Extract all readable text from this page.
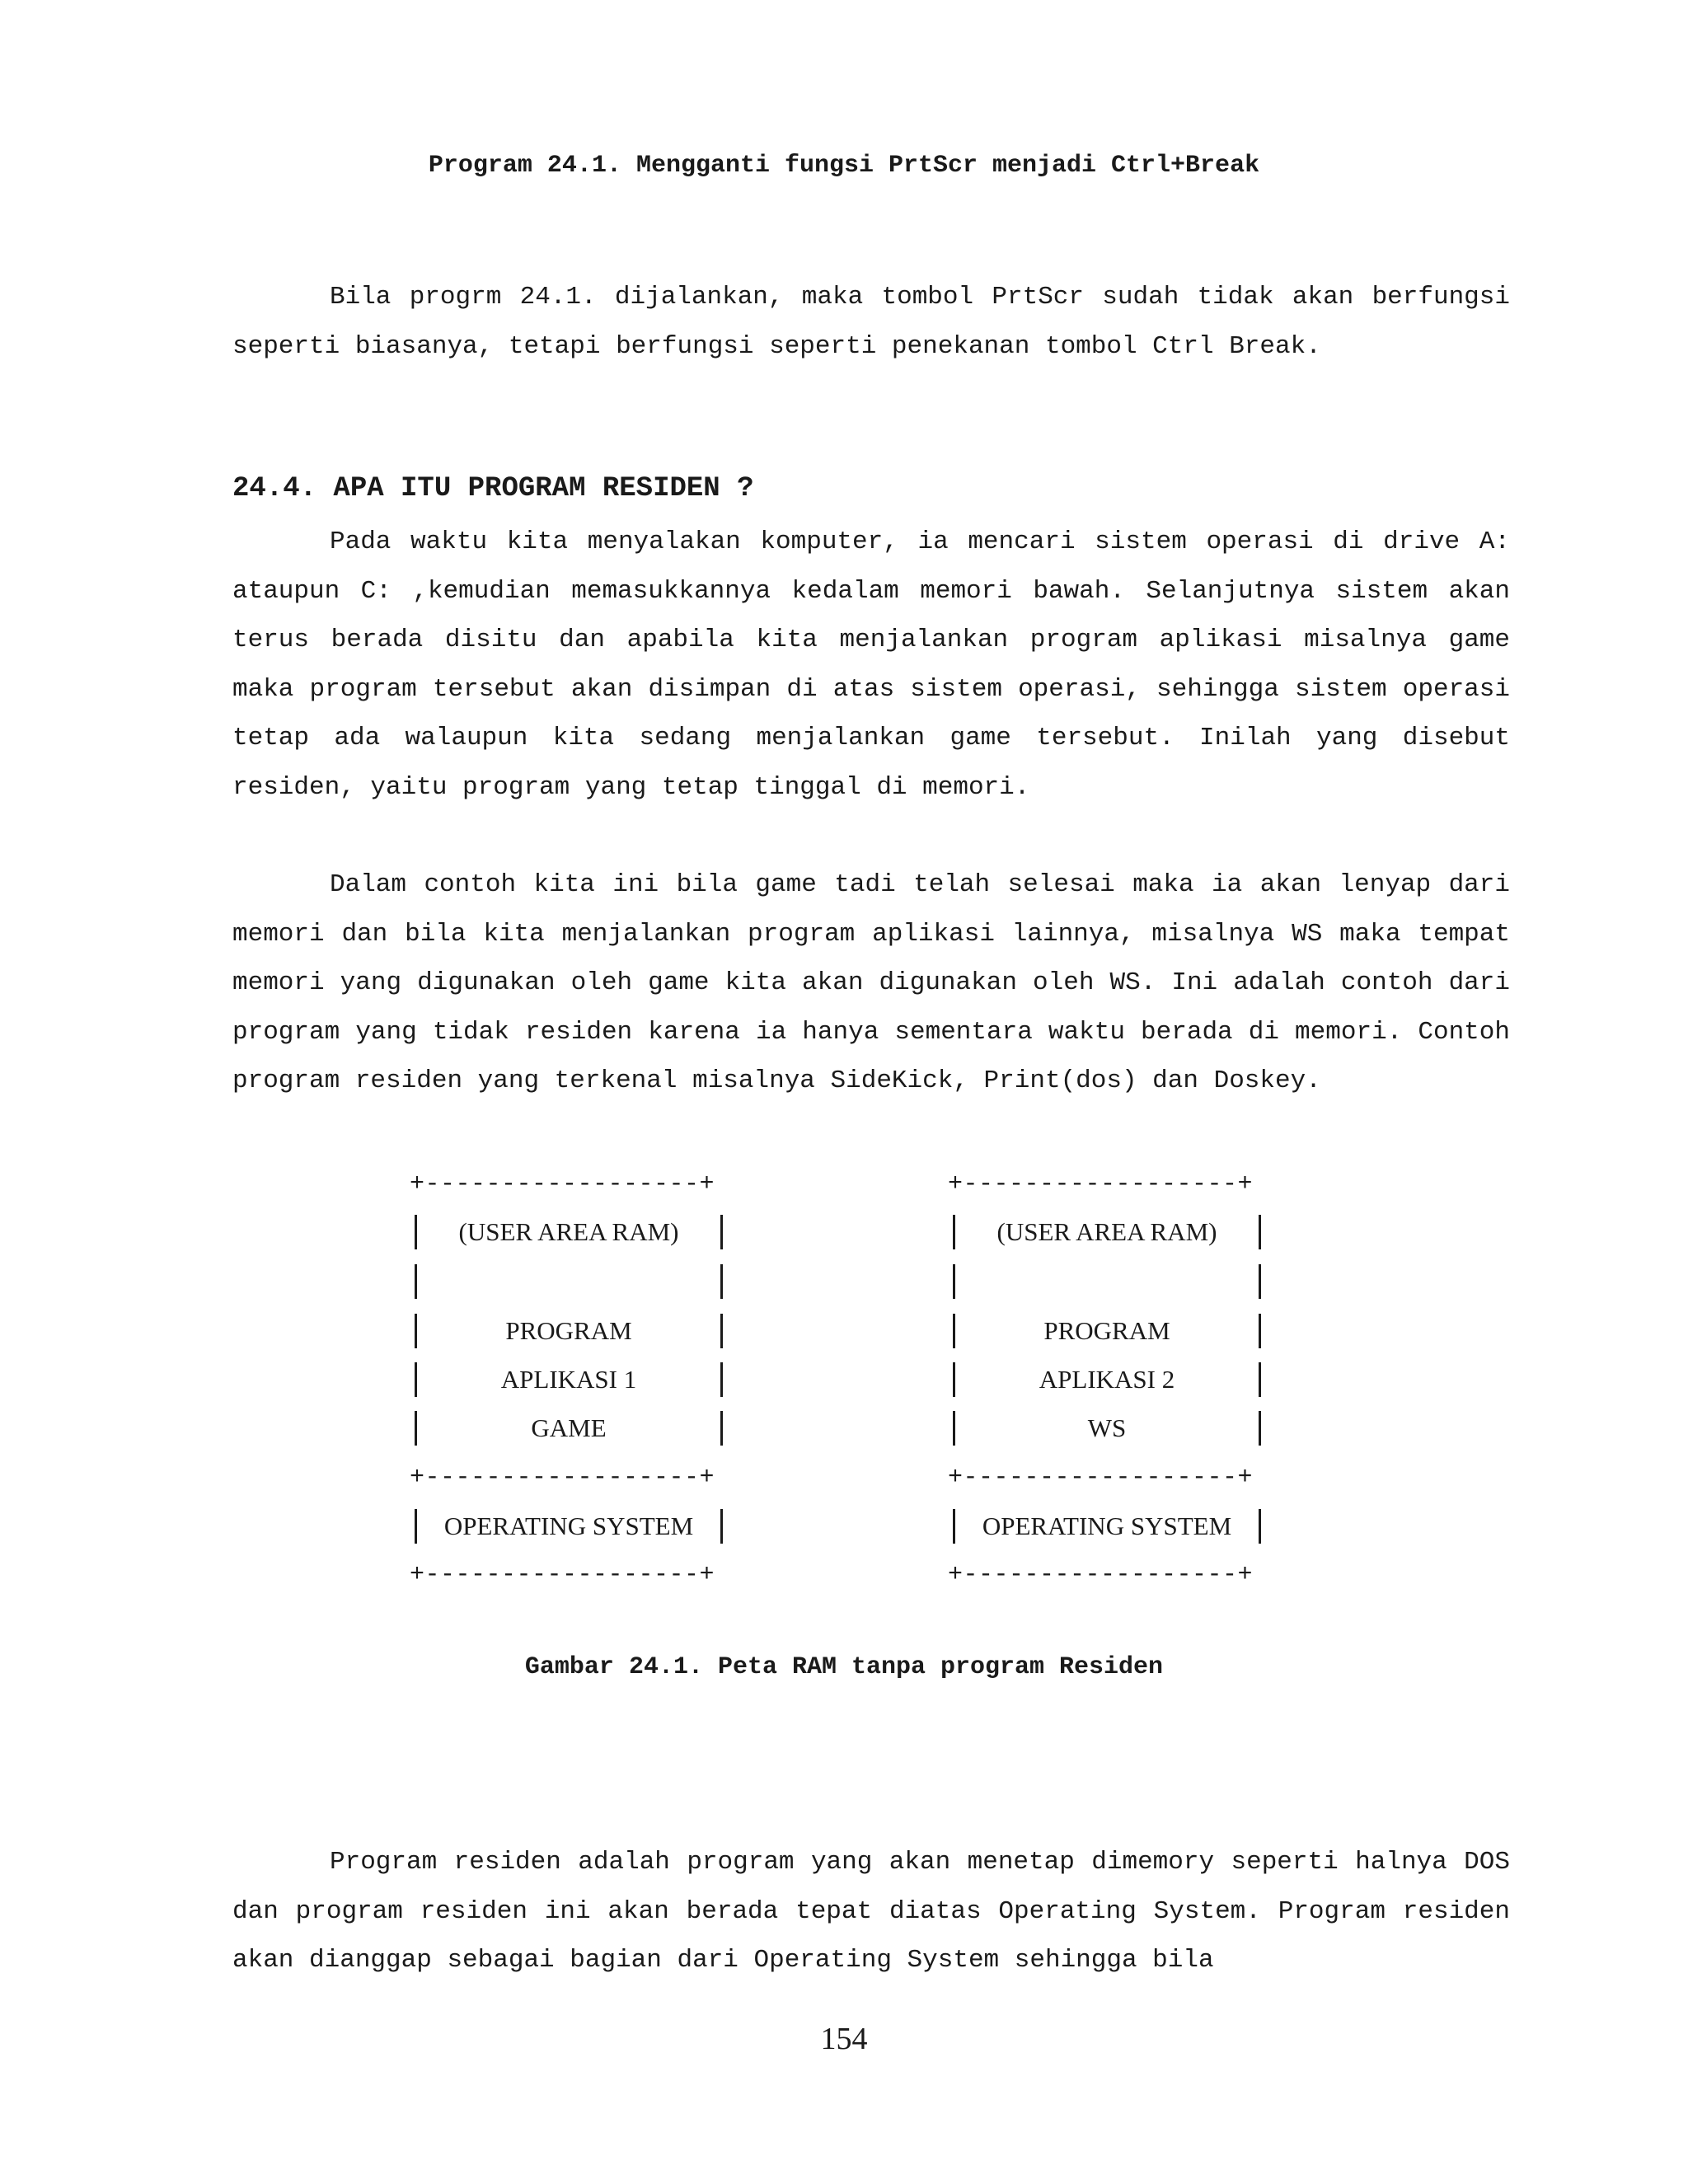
Program 24.1. Mengganti fungsi PrtScr menjadi Ctrl+Break

Bila progrm 24.1. dijalankan, maka tombol PrtScr sudah tidak akan berfungsi seperti biasanya, tetapi berfungsi seperti penekanan tombol Ctrl Break.

24.4. APA ITU PROGRAM RESIDEN ?

Pada waktu kita menyalakan komputer, ia mencari sistem operasi di drive A: ataupun C: ,kemudian memasukkannya kedalam memori bawah. Selanjutnya sistem akan terus berada disitu dan apabila kita menjalankan program aplikasi misalnya game maka program tersebut akan disimpan di atas sistem operasi, sehingga sistem operasi tetap ada walaupun kita sedang menjalankan game tersebut. Inilah yang disebut residen, yaitu program yang tetap tinggal di memori.

Dalam contoh kita ini bila game tadi telah selesai maka ia akan lenyap dari memori dan bila kita menjalankan program aplikasi lainnya, misalnya WS maka tempat memori yang digunakan oleh game kita akan digunakan oleh WS. Ini adalah contoh dari program yang tidak residen karena ia hanya sementara waktu berada di memori. Contoh program residen yang terkenal misalnya SideKick, Print(dos) dan Doskey.

+------------------+
(USER AREA RAM)
PROGRAM
APLIKASI 1
GAME
+------------------+
OPERATING SYSTEM
+------------------+
+------------------+
(USER AREA RAM)
PROGRAM
APLIKASI 2
WS
+------------------+
OPERATING SYSTEM
+------------------+
Gambar 24.1. Peta RAM tanpa program Residen

Program residen adalah program yang akan menetap dimemory seperti halnya DOS dan program residen ini akan berada tepat diatas Operating System. Program residen akan dianggap sebagai bagian dari Operating System sehingga bila

154
